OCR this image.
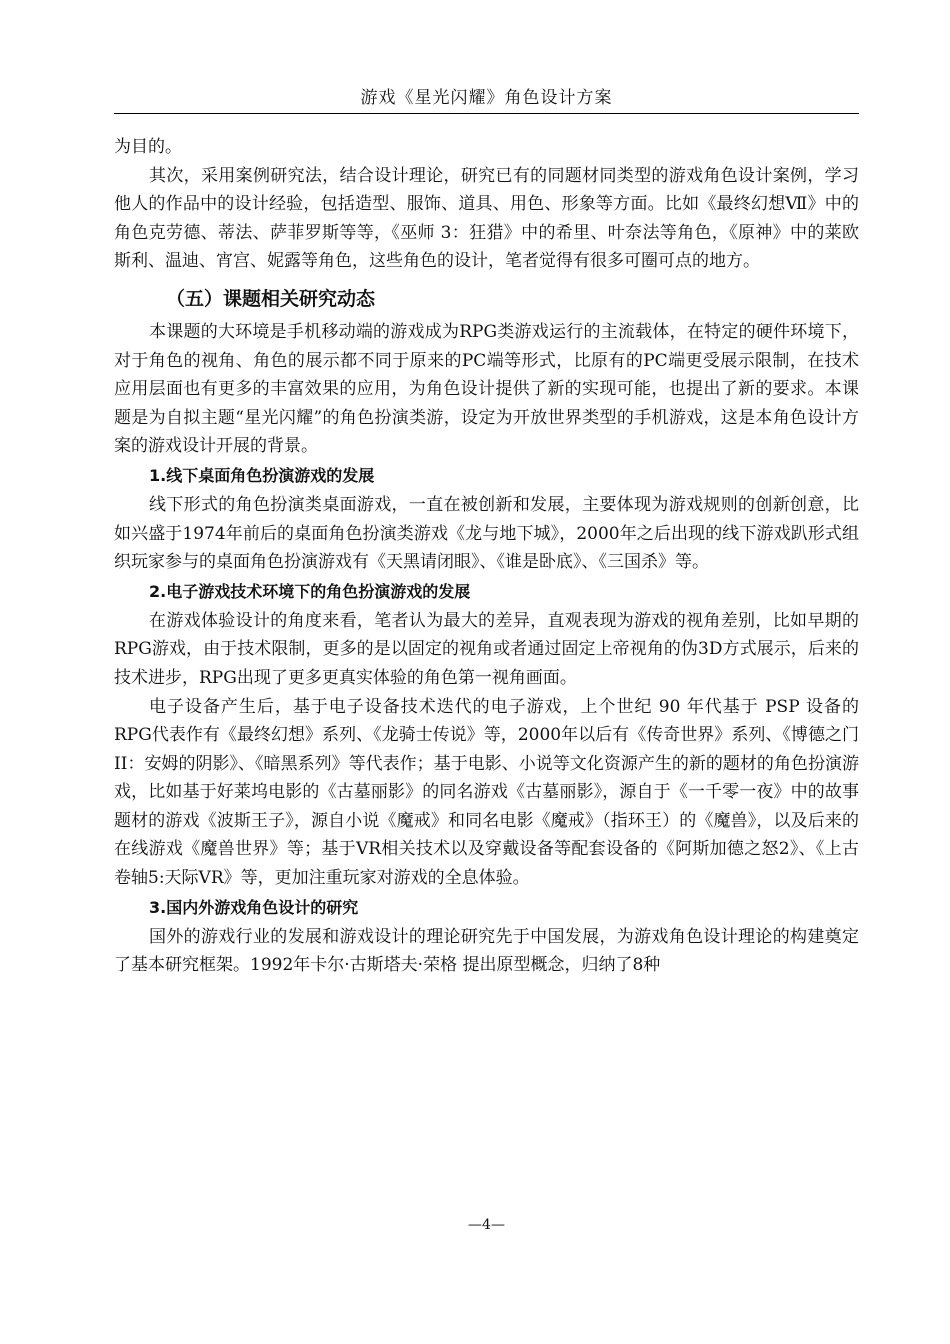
游戏《星光闪耀》角色设计方案

为目的。

其次，采用案例研究法，结合设计理论，研究已有的同题材同类型的游戏角色设计案例，学习他人的作品中的设计经验，包括造型、服饰、道具、用色、形象等方面。比如《最终幻想Ⅶ》中的角色克劳德、蒂法、萨菲罗斯等等，《巫师 3：狂猎》中的希里、叶奈法等角色，《原神》中的莱欧斯利、温迪、宵宫、妮露等角色，这些角色的设计，笔者觉得有很多可圈可点的地方。

（五）课题相关研究动态

本课题的大环境是手机移动端的游戏成为RPG类游戏运行的主流载体，在特定的硬件环境下，对于角色的视角、角色的展示都不同于原来的PC端等形式，比原有的PC端更受展示限制，在技术应用层面也有更多的丰富效果的应用，为角色设计提供了新的实现可能，也提出了新的要求。本课题是为自拟主题“星光闪耀”的角色扮演类游，设定为开放世界类型的手机游戏，这是本角色设计方案的游戏设计开展的背景。

1.线下桌面角色扮演游戏的发展

线下形式的角色扮演类桌面游戏，一直在被创新和发展，主要体现为游戏规则的创新创意，比如兴盛于1974年前后的桌面角色扮演类游戏《龙与地下城》，2000年之后出现的线下游戏趴形式组织玩家参与的桌面角色扮演游戏有《天黑请闭眼》、《谁是卧底》、《三国杀》等。

2.电子游戏技术环境下的角色扮演游戏的发展

在游戏体验设计的角度来看，笔者认为最大的差异，直观表现为游戏的视角差别，比如早期的RPG游戏，由于技术限制，更多的是以固定的视角或者通过固定上帝视角的伪3D方式展示，后来的技术进步，RPG出现了更多更真实体验的角色第一视角画面。

电子设备产生后，基于电子设备技术迭代的电子游戏，上个世纪 90 年代基于 PSP 设备的RPG代表作有《最终幻想》系列、《龙骑士传说》等，2000年以后有《传奇世界》系列、《博德之门 II：安姆的阴影》、《暗黑系列》等代表作；基于电影、小说等文化资源产生的新的题材的角色扮演游戏，比如基于好莱坞电影的《古墓丽影》的同名游戏《古墓丽影》，源自于《一千零一夜》中的故事题材的游戏《波斯王子》，源自小说《魔戒》和同名电影《魔戒》（指环王）的《魔兽》，以及后来的在线游戏《魔兽世界》等；基于VR相关技术以及穿戴设备等配套设备的《阿斯加德之怒2》、《上古卷轴5:天际VR》等，更加注重玩家对游戏的全息体验。

3.国内外游戏角色设计的研究

国外的游戏行业的发展和游戏设计的理论研究先于中国发展，为游戏角色设计理论的构建奠定了基本研究框架。1992年卡尔·古斯塔夫·荣格 提出原型概念，归纳了8种

—4—
